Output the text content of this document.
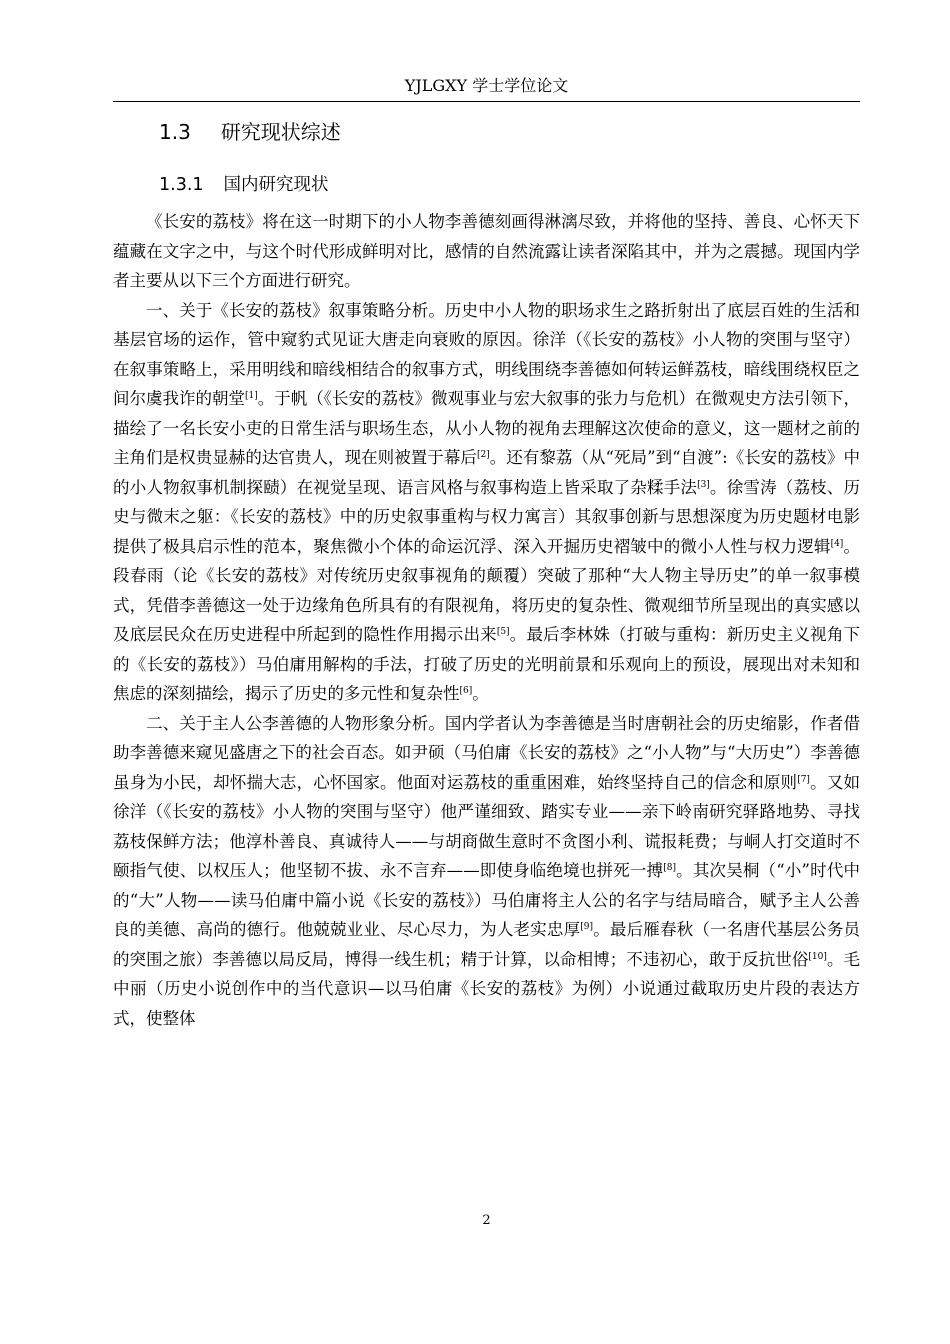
YJLGXY 学士学位论文
1.3 研究现状综述
1.3.1 国内研究现状

《长安的荔枝》将在这一时期下的小人物李善德刻画得淋漓尽致，并将他的坚持、善良、心怀天下蕴藏在文字之中，与这个时代形成鲜明对比，感情的自然流露让读者深陷其中，并为之震撼。现国内学者主要从以下三个方面进行研究。

一、关于《长安的荔枝》叙事策略分析。历史中小人物的职场求生之路折射出了底层百姓的生活和基层官场的运作，管中窥豹式见证大唐走向衰败的原因。徐洋（《长安的荔枝》小人物的突围与坚守）在叙事策略上，采用明线和暗线相结合的叙事方式，明线围绕李善德如何转运鲜荔枝，暗线围绕权臣之间尔虞我诈的朝堂[1]。于帆（《长安的荔枝》微观事业与宏大叙事的张力与危机）在微观史方法引领下，描绘了一名长安小吏的日常生活与职场生态，从小人物的视角去理解这次使命的意义，这一题材之前的主角们是权贵显赫的达官贵人，现在则被置于幕后[2]。还有黎荔（从“死局”到“自渡”:《长安的荔枝》中的小人物叙事机制探赜）在视觉呈现、语言风格与叙事构造上皆采取了杂糅手法[3]。徐雪涛（荔枝、历史与微末之躯：《长安的荔枝》中的历史叙事重构与权力寓言）其叙事创新与思想深度为历史题材电影提供了极具启示性的范本，聚焦微小个体的命运沉浮、深入开掘历史褶皱中的微小人性与权力逻辑[4]。段春雨（论《长安的荔枝》对传统历史叙事视角的颠覆）突破了那种“大人物主导历史”的单一叙事模式，凭借李善德这一处于边缘角色所具有的有限视角，将历史的复杂性、微观细节所呈现出的真实感以及底层民众在历史进程中所起到的隐性作用揭示出来[5]。最后李林姝（打破与重构：新历史主义视角下的《长安的荔枝》）马伯庸用解构的手法，打破了历史的光明前景和乐观向上的预设，展现出对未知和焦虑的深刻描绘，揭示了历史的多元性和复杂性[6]。

二、关于主人公李善德的人物形象分析。国内学者认为李善德是当时唐朝社会的历史缩影，作者借助李善德来窥见盛唐之下的社会百态。如尹硕（马伯庸《长安的荔枝》之“小人物”与“大历史”）李善德虽身为小民，却怀揣大志，心怀国家。他面对运荔枝的重重困难，始终坚持自己的信念和原则[7]。又如徐洋（《长安的荔枝》小人物的突围与坚守）他严谨细致、踏实专业——亲下岭南研究驿路地势、寻找荔枝保鲜方法；他淳朴善良、真诚待人——与胡商做生意时不贪图小利、谎报耗费；与峒人打交道时不颐指气使、以权压人；他坚韧不拔、永不言弃——即使身临绝境也拼死一搏[8]。其次吴桐（“小”时代中的“大”人物——读马伯庸中篇小说《长安的荔枝》）马伯庸将主人公的名字与结局暗合，赋予主人公善良的美德、高尚的德行。他兢兢业业、尽心尽力，为人老实忠厚[9]。最后雁春秋（一名唐代基层公务员的突围之旅）李善德以局反局，博得一线生机；精于计算，以命相博；不违初心，敢于反抗世俗[10]。毛中丽（历史小说创作中的当代意识—以马伯庸《长安的荔枝》为例）小说通过截取历史片段的表达方式，使整体

2
